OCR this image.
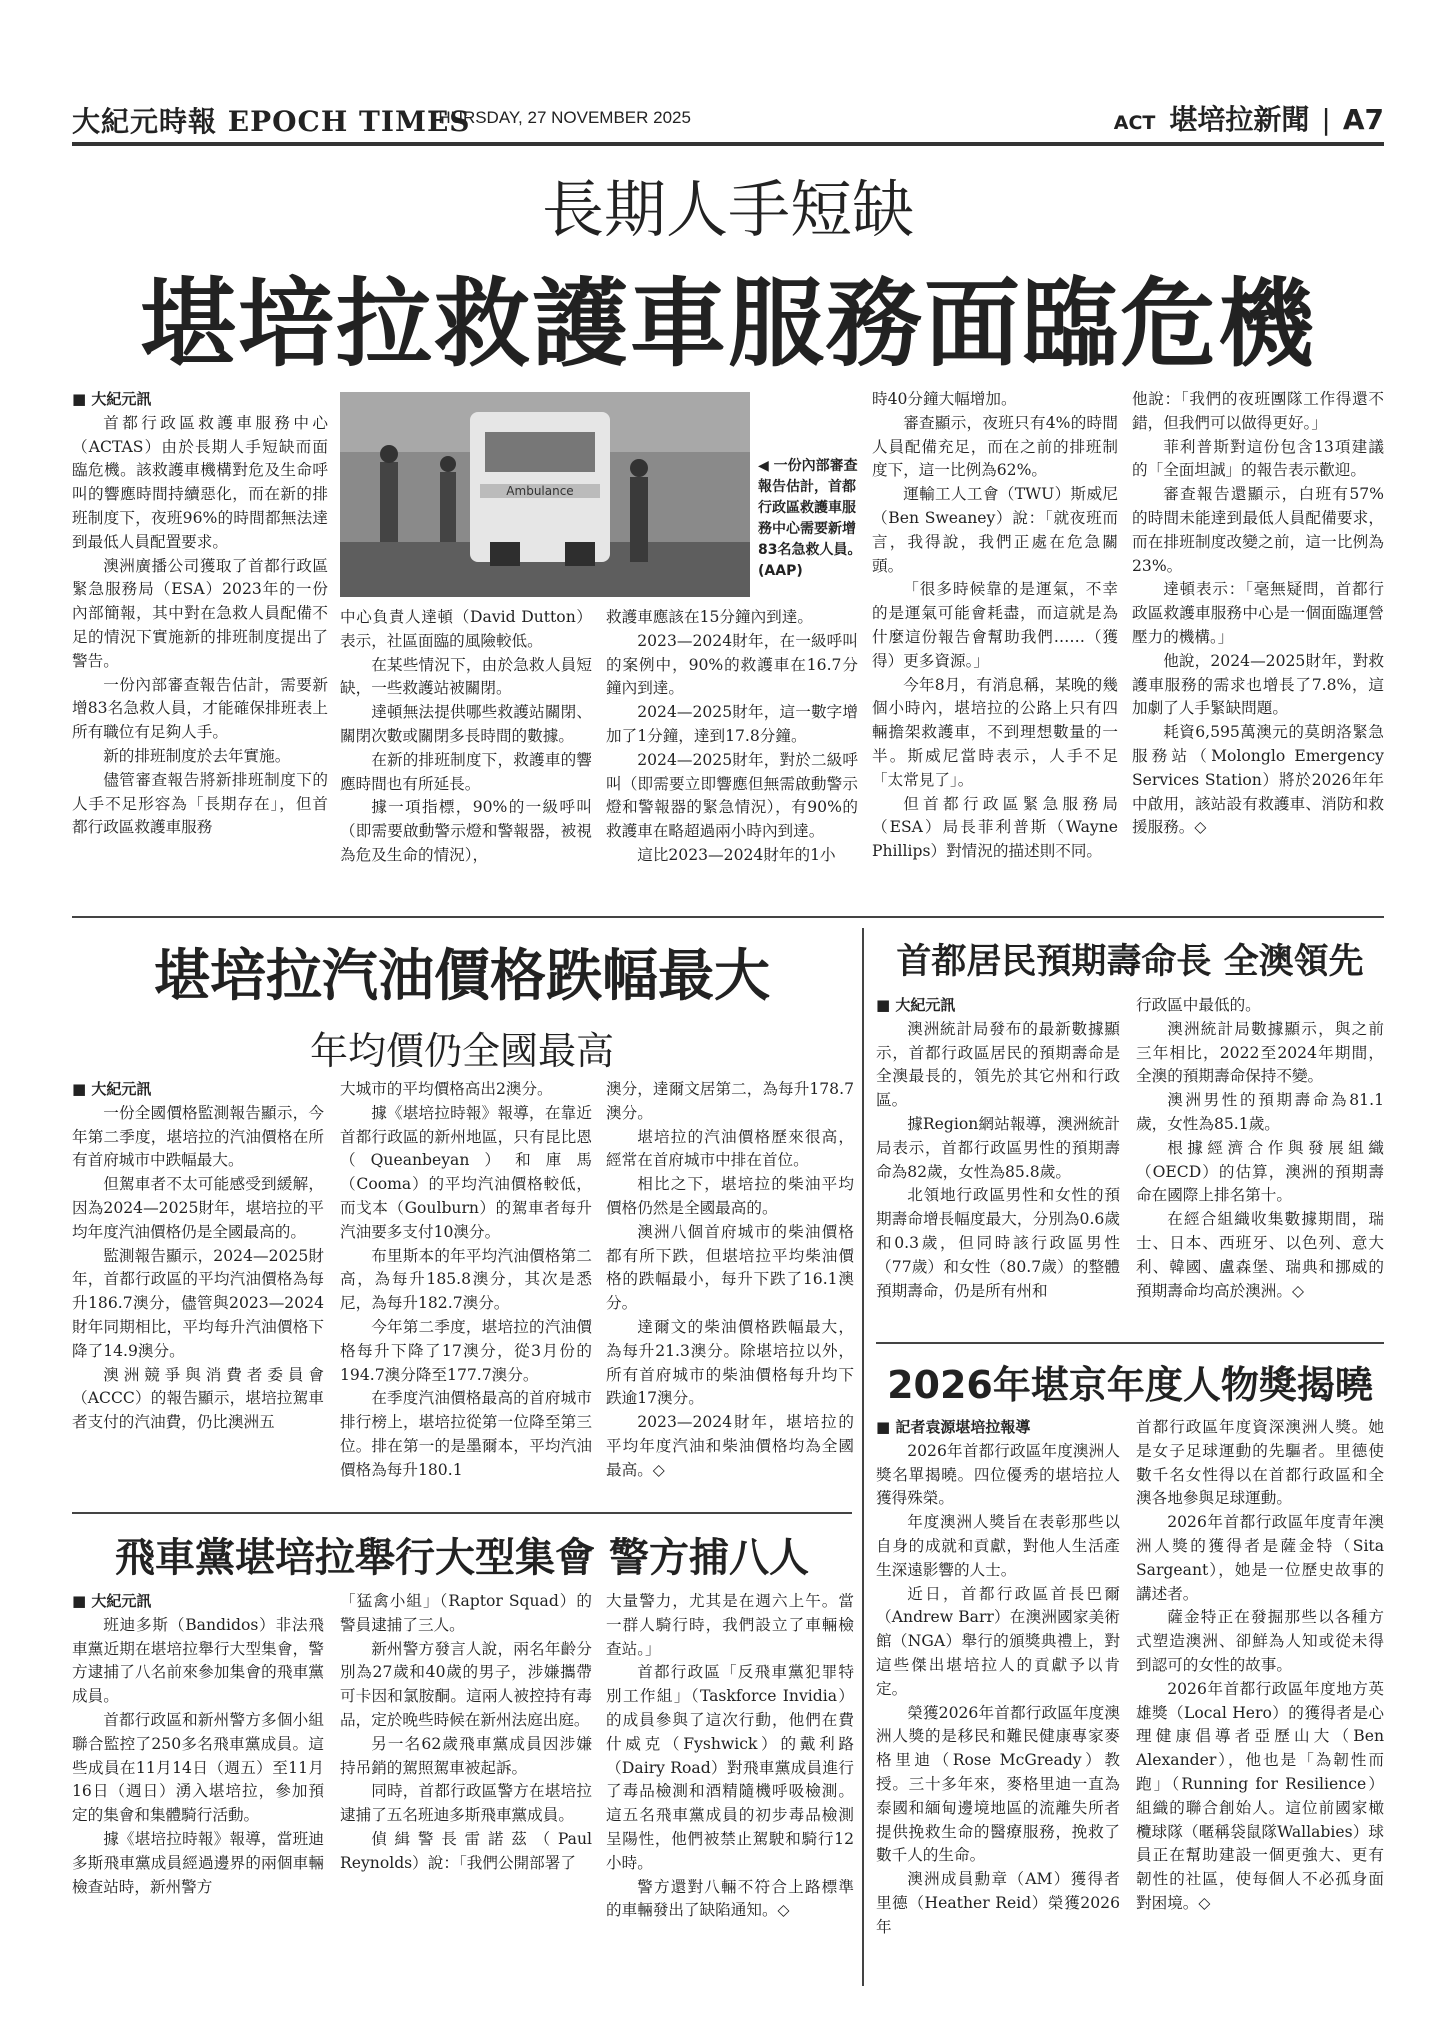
大紀元時報 EPOCH TIMES
THURSDAY, 27 NOVEMBER 2025	ACT 堪培拉新聞 | A7
長期人手短缺
堪培拉救護車服務面臨危機

■ 大紀元訊

首都行政區救護車服務中心（ACTAS）由於長期人手短缺而面臨危機。該救護車機構對危及生命呼叫的響應時間持續惡化，而在新的排班制度下，夜班96%的時間都無法達到最低人員配置要求。

澳洲廣播公司獲取了首都行政區緊急服務局（ESA）2023年的一份內部簡報，其中對在急救人員配備不足的情況下實施新的排班制度提出了警告。

一份內部審查報告估計，需要新增83名急救人員，才能確保排班表上所有職位有足夠人手。

新的排班制度於去年實施。

儘管審查報告將新排班制度下的人手不足形容為「長期存在」，但首都行政區救護車服務

Ambulance
◀ 一份內部審查報告估計，首都行政區救護車服務中心需要新增83名急救人員。(AAP)

中心負責人達頓（David Dutton）表示，社區面臨的風險較低。

在某些情況下，由於急救人員短缺，一些救護站被關閉。

達頓無法提供哪些救護站關閉、關閉次數或關閉多長時間的數據。

在新的排班制度下，救護車的響應時間也有所延長。

據一項指標，90%的一級呼叫（即需要啟動警示燈和警報器，被視為危及生命的情況），

救護車應該在15分鐘內到達。

2023—2024財年，在一級呼叫的案例中，90%的救護車在16.7分鐘內到達。

2024—2025財年，這一數字增加了1分鐘，達到17.8分鐘。

2024—2025財年，對於二級呼叫（即需要立即響應但無需啟動警示燈和警報器的緊急情況），有90%的救護車在略超過兩小時內到達。

這比2023—2024財年的1小

時40分鐘大幅增加。

審查顯示，夜班只有4%的時間人員配備充足，而在之前的排班制度下，這一比例為62%。

運輸工人工會（TWU）斯威尼（Ben Sweaney）說：「就夜班而言，我得說，我們正處在危急關頭。

「很多時候靠的是運氣，不幸的是運氣可能會耗盡，而這就是為什麼這份報告會幫助我們……（獲得）更多資源。」

今年8月，有消息稱，某晚的幾個小時內，堪培拉的公路上只有四輛擔架救護車，不到理想數量的一半。斯威尼當時表示，人手不足「太常見了」。

但首都行政區緊急服務局（ESA）局長菲利普斯（Wayne Phillips）對情況的描述則不同。

他說：「我們的夜班團隊工作得還不錯，但我們可以做得更好。」

菲利普斯對這份包含13項建議的「全面坦誠」的報告表示歡迎。

審查報告還顯示，白班有57%的時間未能達到最低人員配備要求，而在排班制度改變之前，這一比例為23%。

達頓表示：「毫無疑問，首都行政區救護車服務中心是一個面臨運營壓力的機構。」

他說，2024—2025財年，對救護車服務的需求也增長了7.8%，這加劇了人手緊缺問題。

耗資6,595萬澳元的莫朗洛緊急服務站（Molonglo Emergency Services Station）將於2026年年中啟用，該站設有救護車、消防和救援服務。◇

堪培拉汽油價格跌幅最大
年均價仍全國最高

■ 大紀元訊

一份全國價格監測報告顯示，今年第二季度，堪培拉的汽油價格在所有首府城市中跌幅最大。

但駕車者不太可能感受到緩解，因為2024—2025財年，堪培拉的平均年度汽油價格仍是全國最高的。

監測報告顯示，2024—2025財年，首都行政區的平均汽油價格為每升186.7澳分，儘管與2023—2024財年同期相比，平均每升汽油價格下降了14.9澳分。

澳洲競爭與消費者委員會（ACCC）的報告顯示，堪培拉駕車者支付的汽油費，仍比澳洲五

大城市的平均價格高出2澳分。

據《堪培拉時報》報導，在靠近首都行政區的新州地區，只有昆比恩（Queanbeyan）和庫馬（Cooma）的平均汽油價格較低，而戈本（Goulburn）的駕車者每升汽油要多支付10澳分。

布里斯本的年平均汽油價格第二高，為每升185.8澳分，其次是悉尼，為每升182.7澳分。

今年第二季度，堪培拉的汽油價格每升下降了17澳分，從3月份的194.7澳分降至177.7澳分。

在季度汽油價格最高的首府城市排行榜上，堪培拉從第一位降至第三位。排在第一的是墨爾本，平均汽油價格為每升180.1

澳分，達爾文居第二，為每升178.7澳分。

堪培拉的汽油價格歷來很高，經常在首府城市中排在首位。

相比之下，堪培拉的柴油平均價格仍然是全國最高的。

澳洲八個首府城市的柴油價格都有所下跌，但堪培拉平均柴油價格的跌幅最小，每升下跌了16.1澳分。

達爾文的柴油價格跌幅最大，為每升21.3澳分。除堪培拉以外，所有首府城市的柴油價格每升均下跌逾17澳分。

2023—2024財年，堪培拉的平均年度汽油和柴油價格均為全國最高。◇

首都居民預期壽命長 全澳領先

■ 大紀元訊

澳洲統計局發布的最新數據顯示，首都行政區居民的預期壽命是全澳最長的，領先於其它州和行政區。

據Region網站報導，澳洲統計局表示，首都行政區男性的預期壽命為82歲，女性為85.8歲。

北領地行政區男性和女性的預期壽命增長幅度最大，分別為0.6歲和0.3歲，但同時該行政區男性（77歲）和女性（80.7歲）的整體預期壽命，仍是所有州和

行政區中最低的。

澳洲統計局數據顯示，與之前三年相比，2022至2024年期間，全澳的預期壽命保持不變。

澳洲男性的預期壽命為81.1歲，女性為85.1歲。

根據經濟合作與發展組織（OECD）的估算，澳洲的預期壽命在國際上排名第十。

在經合組織收集數據期間，瑞士、日本、西班牙、以色列、意大利、韓國、盧森堡、瑞典和挪威的預期壽命均高於澳洲。◇

2026年堪京年度人物獎揭曉

■ 記者袁源堪培拉報導

2026年首都行政區年度澳洲人獎名單揭曉。四位優秀的堪培拉人獲得殊榮。

年度澳洲人獎旨在表彰那些以自身的成就和貢獻，對他人生活產生深遠影響的人士。

近日，首都行政區首長巴爾（Andrew Barr）在澳洲國家美術館（NGA）舉行的頒獎典禮上，對這些傑出堪培拉人的貢獻予以肯定。

榮獲2026年首都行政區年度澳洲人獎的是移民和難民健康專家麥格里迪（Rose McGready）教授。三十多年來，麥格里迪一直為泰國和緬甸邊境地區的流離失所者提供挽救生命的醫療服務，挽救了數千人的生命。

澳洲成員勳章（AM）獲得者里德（Heather Reid）榮獲2026年

首都行政區年度資深澳洲人獎。她是女子足球運動的先驅者。里德使數千名女性得以在首都行政區和全澳各地參與足球運動。

2026年首都行政區年度青年澳洲人獎的獲得者是薩金特（Sita Sargeant），她是一位歷史故事的講述者。

薩金特正在發掘那些以各種方式塑造澳洲、卻鮮為人知或從未得到認可的女性的故事。

2026年首都行政區年度地方英雄獎（Local Hero）的獲得者是心理健康倡導者亞歷山大（Ben Alexander），他也是「為韌性而跑」（Running for Resilience）組織的聯合創始人。這位前國家橄欖球隊（暱稱袋鼠隊Wallabies）球員正在幫助建設一個更強大、更有韌性的社區，使每個人不必孤身面對困境。◇

飛車黨堪培拉舉行大型集會 警方捕八人

■ 大紀元訊

班迪多斯（Bandidos）非法飛車黨近期在堪培拉舉行大型集會，警方逮捕了八名前來參加集會的飛車黨成員。

首都行政區和新州警方多個小組聯合監控了250多名飛車黨成員。這些成員在11月14日（週五）至11月16日（週日）湧入堪培拉，參加預定的集會和集體騎行活動。

據《堪培拉時報》報導，當班迪多斯飛車黨成員經過邊界的兩個車輛檢查站時，新州警方

「猛禽小組」（Raptor Squad）的警員逮捕了三人。

新州警方發言人說，兩名年齡分別為27歲和40歲的男子，涉嫌攜帶可卡因和氯胺酮。這兩人被控持有毒品，定於晚些時候在新州法庭出庭。

另一名62歲飛車黨成員因涉嫌持吊銷的駕照駕車被起訴。

同時，首都行政區警方在堪培拉逮捕了五名班迪多斯飛車黨成員。

偵緝警長雷諾茲（Paul Reynolds）說：「我們公開部署了

大量警力，尤其是在週六上午。當一群人騎行時，我們設立了車輛檢查站。」

首都行政區「反飛車黨犯罪特別工作組」（Taskforce Invidia）的成員參與了這次行動，他們在費什威克（Fyshwick）的戴利路（Dairy Road）對飛車黨成員進行了毒品檢測和酒精隨機呼吸檢測。這五名飛車黨成員的初步毒品檢測呈陽性，他們被禁止駕駛和騎行12小時。

警方還對八輛不符合上路標準的車輛發出了缺陷通知。◇
